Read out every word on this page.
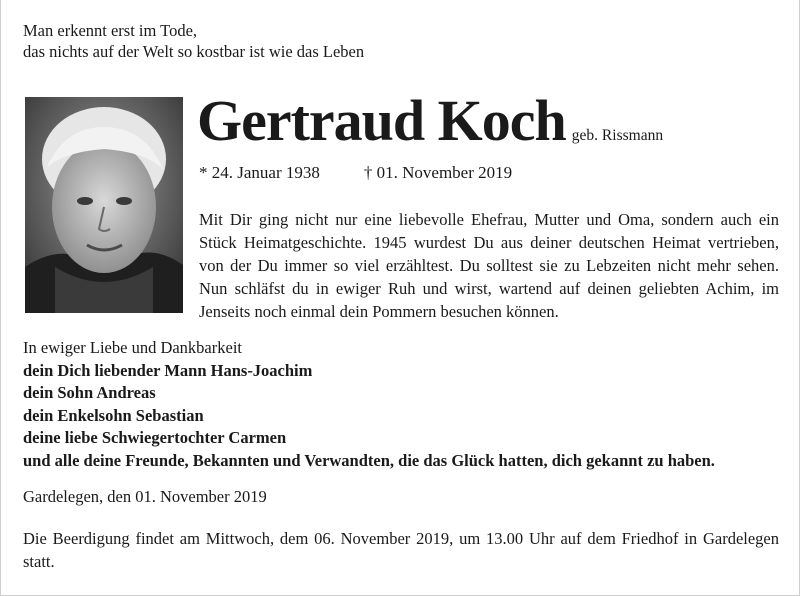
Man erkennt erst im Tode,
das nichts auf der Welt so kostbar ist wie das Leben
Gertraud Koch geb. Rissmann
* 24. Januar 1938	† 01. November 2019
Mit Dir ging nicht nur eine liebevolle Ehefrau, Mutter und Oma, sondern auch ein Stück Heimatgeschichte. 1945 wurdest Du aus deiner deutschen Heimat vertrieben, von der Du immer so viel erzähltest. Du solltest sie zu Lebzeiten nicht mehr sehen. Nun schläfst du in ewiger Ruh und wirst, wartend auf deinen geliebten Achim, im Jenseits noch einmal dein Pommern besuchen können.
In ewiger Liebe und Dankbarkeit
dein Dich liebender Mann Hans-Joachim
dein Sohn Andreas
dein Enkelsohn Sebastian
deine liebe Schwiegertochter Carmen
und alle deine Freunde, Bekannten und Verwandten, die das Glück hatten, dich gekannt zu haben.
Gardelegen, den 01. November 2019
Die Beerdigung findet am Mittwoch, dem 06. November 2019, um 13.00 Uhr auf dem Friedhof in Gardelegen statt.
